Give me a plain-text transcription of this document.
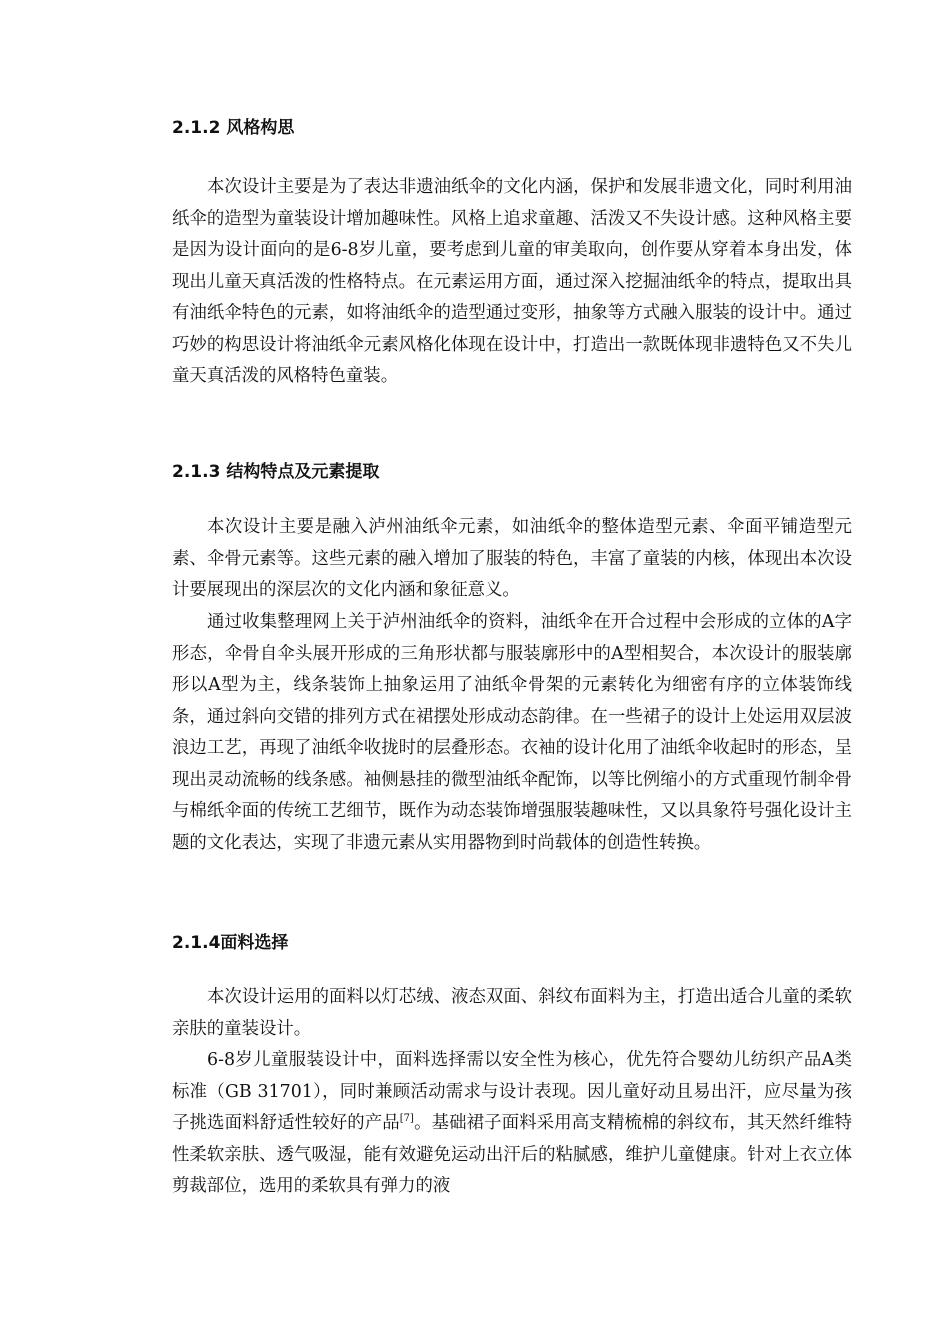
2.1.2 风格构思

本次设计主要是为了表达非遗油纸伞的文化内涵，保护和发展非遗文化，同时利用油纸伞的造型为童装设计增加趣味性。风格上追求童趣、活泼又不失设计感。这种风格主要是因为设计面向的是6-8岁儿童，要考虑到儿童的审美取向，创作要从穿着本身出发，体现出儿童天真活泼的性格特点。在元素运用方面，通过深入挖掘油纸伞的特点，提取出具有油纸伞特色的元素，如将油纸伞的造型通过变形，抽象等方式融入服装的设计中。通过巧妙的构思设计将油纸伞元素风格化体现在设计中，打造出一款既体现非遗特色又不失儿童天真活泼的风格特色童装。

2.1.3 结构特点及元素提取

本次设计主要是融入泸州油纸伞元素，如油纸伞的整体造型元素、伞面平铺造型元素、伞骨元素等。这些元素的融入增加了服装的特色，丰富了童装的内核，体现出本次设计要展现出的深层次的文化内涵和象征意义。

通过收集整理网上关于泸州油纸伞的资料，油纸伞在开合过程中会形成的立体的A字形态，伞骨自伞头展开形成的三角形状都与服装廓形中的A型相契合，本次设计的服装廓形以A型为主，线条装饰上抽象运用了油纸伞骨架的元素转化为细密有序的立体装饰线条，通过斜向交错的排列方式在裙摆处形成动态韵律。在一些裙子的设计上处运用双层波浪边工艺，再现了油纸伞收拢时的层叠形态。衣袖的设计化用了油纸伞收起时的形态，呈现出灵动流畅的线条感。袖侧悬挂的微型油纸伞配饰，以等比例缩小的方式重现竹制伞骨与棉纸伞面的传统工艺细节，既作为动态装饰增强服装趣味性，又以具象符号强化设计主题的文化表达，实现了非遗元素从实用器物到时尚载体的创造性转换。

2.1.4面料选择

本次设计运用的面料以灯芯绒、液态双面、斜纹布面料为主，打造出适合儿童的柔软亲肤的童装设计。

6-8岁儿童服装设计中，面料选择需以安全性为核心，优先符合婴幼儿纺织产品A类标准（GB 31701），同时兼顾活动需求与设计表现。因儿童好动且易出汗，应尽量为孩子挑选面料舒适性较好的产品[7]。基础裙子面料采用高支精梳棉的斜纹布，其天然纤维特性柔软亲肤、透气吸湿，能有效避免运动出汗后的粘腻感，维护儿童健康。针对上衣立体剪裁部位，选用的柔软具有弹力的液
